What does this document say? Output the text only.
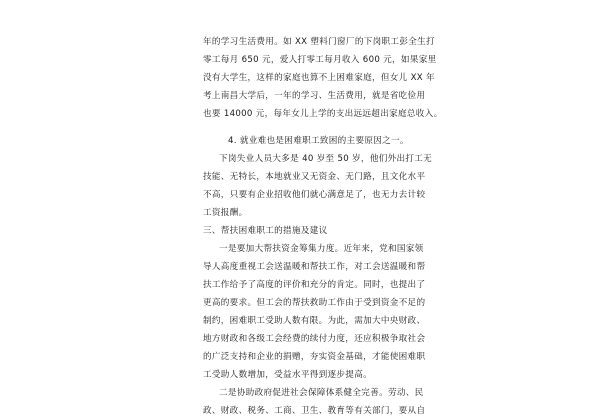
年的学习生活费用。如 XX 塑料门窗厂的下岗职工彭全生打
零工每月 650 元，爱人打零工每月收入 600 元，如果家里
没有大学生，这样的家庭也算不上困难家庭，但女儿 XX 年
考上南昌大学后，一年的学习、生活费用，就是省吃俭用
也要 14000 元，每年女儿上学的支出远远超出家庭总收入。
4. 就业难也是困难职工致困的主要原因之一。
下岗失业人员大多是 40 岁至 50 岁，他们外出打工无
技能、无特长，本地就业又无资金、无门路，且文化水平
不高，只要有企业招收他们就心满意足了，也无力去计较
工资报酬。
三、帮扶困难职工的措施及建议
一是要加大帮扶资金筹集力度。近年来，党和国家领
导人高度重视工会送温暖和帮扶工作，对工会送温暖和帮
扶工作给予了高度的评价和充分的肯定。同时，也提出了
更高的要求。但工会的帮扶救助工作由于受到资金不足的
制约，困难职工受助人数有限。为此，需加大中央财政、
地方财政和各级工会经费的续付力度，还应积极争取社会
的广泛支持和企业的捐赠，夯实资金基础，才能使困难职
工受助人数增加，受益水平得到逐步提高。
二是协助政府促进社会保障体系健全完善。劳动、民
政、财政、税务、工商、卫生、教育等有关部门，要从自
